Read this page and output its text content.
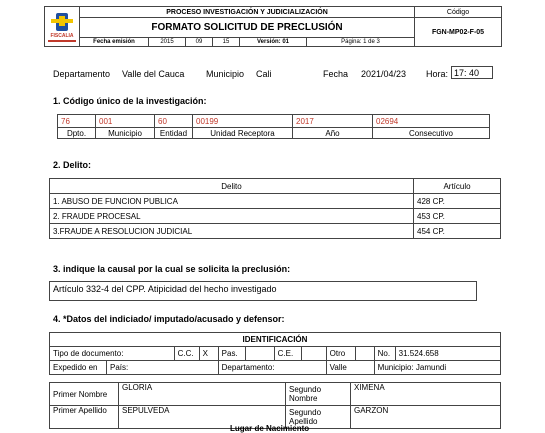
FISCALIA	PROCESO INVESTIGACIÓN Y JUDICIALIZACIÓN						Código
	FORMATO SOLICITUD DE PRECLUSIÓN						FGN-MP02-F-05
	Fecha emisión	2015	09	15	Versión: 01	Página: 1 de 3	
Departamento Valle del Cauca Municipio Cali	Fecha 2021/04/23 Hora: 17: 40
1. Código único de la investigación:
76	001	60	00199	2017	02694
Dpto.	Municipio	Entidad	Unidad Receptora	Año	Consecutivo
2. Delito:
Delito	Artículo
1. ABUSO DE FUNCION PUBLICA	428 CP.
2. FRAUDE PROCESAL	453 CP.
3.FRAUDE A RESOLUCION JUDICIAL	454 CP.
3. indique la causal por la cual se solicita la preclusión:
Artículo 332-4 del CPP. Atipicidad del hecho investigado
4. *Datos del indiciado/ imputado/acusado y defensor:
IDENTIFICACIÓN											
Tipo de documento:		C.C.	X	Pas.		C.E.		Otro		No.	31.524.658
Expedido en	País:			Departamento:				Valle		Municipio: Jamundi	
Primer Nombre	GLORIA	Segundo Nombre	XIMENA
Primer Apellido	SEPULVEDA	Segundo Apellido	GARZON
Lugar de Nacimiento
